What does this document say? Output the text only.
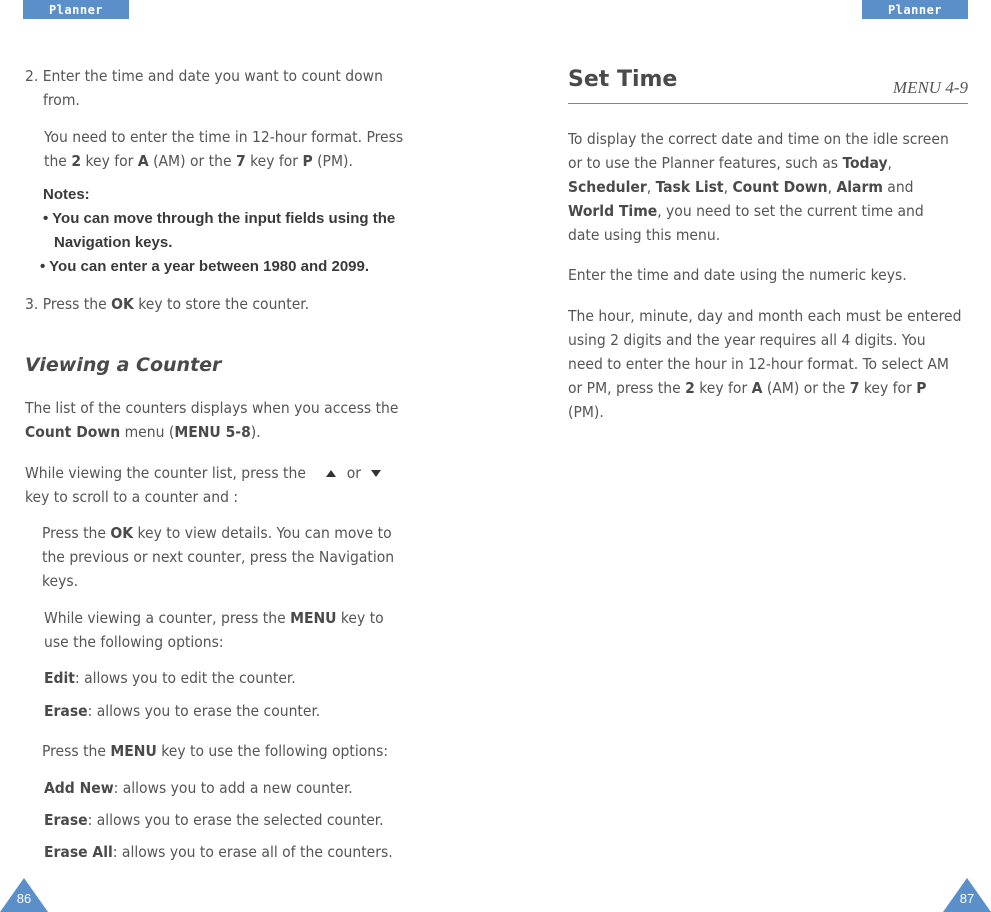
Planner	Planner

2. Enter the time and date you want to count down

from.

You need to enter the time in 12-hour format. Press

the 2 key for A (AM) or the 7 key for P (PM).

Notes:

• You can move through the input fields using the

Navigation keys.

• You can enter a year between 1980 and 2099.

3. Press the OK key to store the counter.

Viewing a Counter

The list of the counters displays when you access the

Count Down menu (MENU 5-8).

While viewing the counter list, press the	or

key to scroll to a counter and :

Press the OK key to view details. You can move to

the previous or next counter, press the Navigation

keys.

While viewing a counter, press the MENU key to

use the following options:

Edit: allows you to edit the counter.

Erase: allows you to erase the counter.

Press the MENU key to use the following options:

Add New: allows you to add a new counter.

Erase: allows you to erase the selected counter.

Erase All: allows you to erase all of the counters.

86

Set Time	MENU 4-9

To display the correct date and time on the idle screen

or to use the Planner features, such as Today,

Scheduler, Task List, Count Down, Alarm and

World Time, you need to set the current time and

date using this menu.

Enter the time and date using the numeric keys.

The hour, minute, day and month each must be entered

using 2 digits and the year requires all 4 digits. You

need to enter the hour in 12-hour format. To select AM

or PM, press the 2 key for A (AM) or the 7 key for P

(PM).

87
